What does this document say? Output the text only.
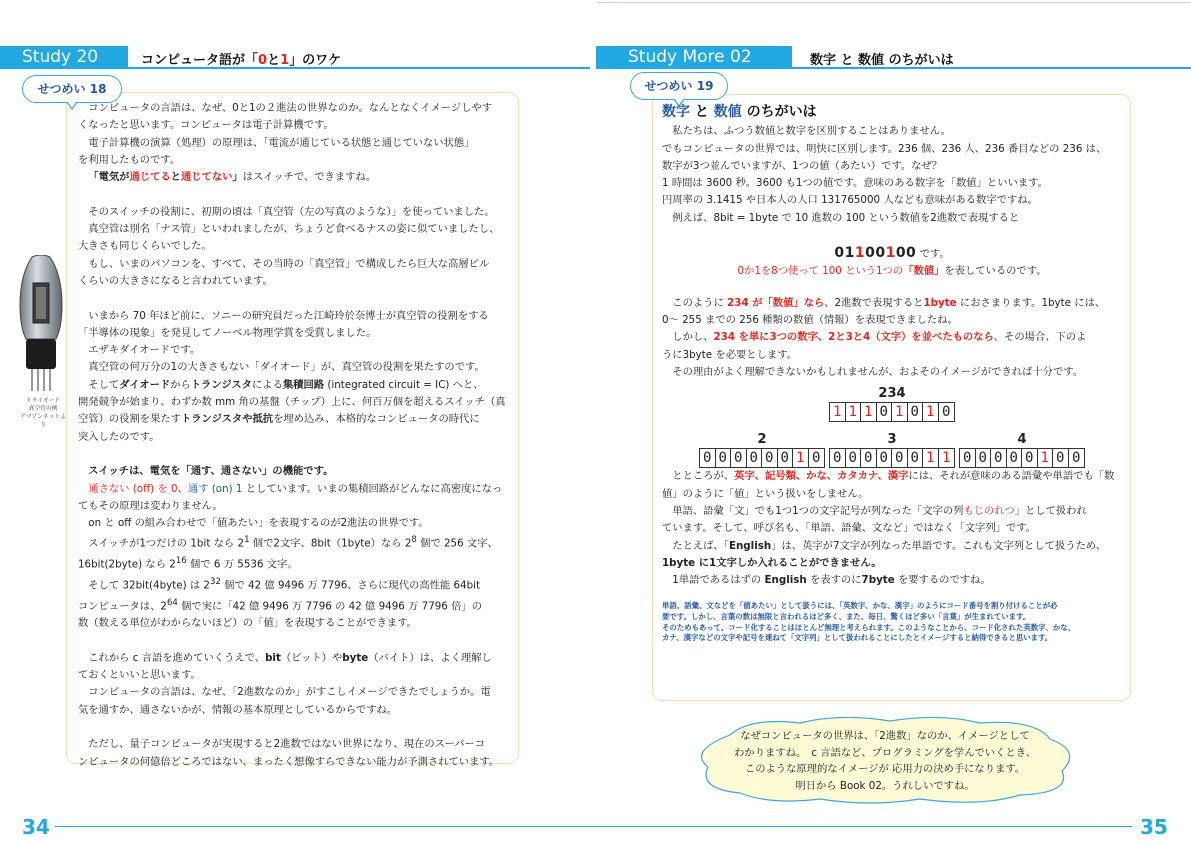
Study 20	コンピュータ語が「0と1」のワケ
せつめい 18
トライオード
真空管の例
アマゾンネットより

コンピュータの言語は、なぜ、0と1の２進法の世界なのか。なんとなくイメージしやす

くなったと思います。コンピュータは電子計算機です。

電子計算機の演算（処理）の原理は、「電流が通じている状態と通じていない状態」

を利用したものです。

「電気が通じてると通じてない」はスイッチで、できますね。

そのスイッチの役割に、初期の頃は「真空管（左の写真のような）」を使っていました。

真空管は別名「ナス管」といわれましたが、ちょうど食べるナスの姿に似ていましたし、

大きさも同じくらいでした。

もし、いまのパソコンを、すべて、その当時の「真空管」で構成したら巨大な高層ビル

くらいの大きさになると言われています。

いまから 70 年ほど前に、ソニーの研究員だった江崎玲於奈博士が真空管の役割をする

「半導体の現象」を発見してノーベル物理学賞を受賞しました。

エザキダイオードです。

真空管の何万分の1の大きさもない「ダイオード」が、真空管の役割を果たすのです。

そしてダイオードからトランジスタによる集積回路 (integrated circuit = IC) へと、

開発競争が始まり、わずか数 mm 角の基盤（チップ）上に、何百万個を超えるスイッチ（真

空管）の役割を果たすトランジスタや抵抗を埋め込み、本格的なコンピュータの時代に

突入したのです。

スイッチは、電気を「通す、通さない」の機能です。

通さない (off) を 0、通す (on) 1 としています。いまの集積回路がどんなに高密度になっ

てもその原理は変わりません。

on と off の組み合わせで「値あたい」を表現するのが2進法の世界です。

スイッチが1つだけの 1bit なら $2^1$ 個で2文字、8bit（1byte）なら $2^8$ 個で 256 文字、

16bit(2byte) なら $2^{16}$ 個で 6 万 5536 文字。

そして 32bit(4byte) は $2^{32}$ 個で 42 億 9496 万 7796、さらに現代の高性能 64bit

コンピュータは、$2^{64}$ 個で実に「42 億 9496 万 7796 の 42 億 9496 万 7796 倍」の

数（数える単位がわからないほど）の「値」を表現することができます。

これから c 言語を進めていくうえで、bit（ビット）やbyte（バイト）は、よく理解し

ておくといいと思います。

コンピュータの言語は、なぜ、「2進数なのか」がすこしイメージできたでしょうか。電

気を通すか、通さないかが、情報の基本原理としているからですね。

ただし、量子コンピュータが実現すると2進数ではない世界になり、現在のスーパーコ

ンピュータの何億倍どころではない、まったく想像すらできない能力が予測されています。

34
Study More 02	数字 と 数値 のちがいは
せつめい 19
数字 と 数値 のちがいは

私たちは、ふつう数値と数字を区別することはありません。

でもコンピュータの世界では、明快に区別します。236 個、236 人、236 番目などの 236 は、

数字が3つ並んでいますが、1つの値（あたい）です。なぜ？

1 時間は 3600 秒。3600 も1つの値です。意味のある数字を「数値」といいます。

円周率の 3.1415 や日本人の人口 131765000 人なども意味がある数字ですね。

例えば、8bit = 1byte で 10 進数の 100 という数値を2進数で表現すると

01100100 です。

0か1を8つ使って 100 という1つの「数値」を表しているのです。

このように 234 が「数値」なら、2進数で表現すると1byte におさまります。1byte には、

0〜 255 までの 256 種類の数値（情報）を表現できましたね。

しかし、234 を単に3つの数字、2と3と4（文字）を並べたものなら、その場合、下のよ

うに3byte を必要とします。

その理由がよく理解できないかもしれませんが、およそのイメージができれば十分です。

234
1 1 1 0 1 0 1 0
2
0 0 0 0 0 0 1 0
3
0 0 0 0 0 0 1 1
4
0 0 0 0 0 1 0 0

とところが、英字、記号類、かな、カタカナ、漢字には、それが意味のある語彙や単語でも「数

値」のように「値」という扱いをしません。

単語、語彙「文」でも1つ1つの文字記号が列なった「文字の列もじのれつ」として扱われ

ています。そして、呼び名も、「単語、語彙、文など」ではなく「文字列」です。

たとえば、「English」は、英字が7文字が列なった単語です。これも文字列として扱うため、

1byte に1文字しか入れることができません。

1単語であるはずの English を表すのに7byte を要するのですね。

単語、語彙、文などを「値あたい」として扱うには、「英数字、かな、漢字」のようにコード番号を割り付けることが必

要です。しかし、言葉の数は無限と言われるほど多く、また、毎日、驚くほど多い「言葉」が生まれています。

そのためもあって、コード化することはほとんど無理と考えられます。このようなことから、コード化された英数字、かな、

カナ、漢字などの文字や記号を連ねて「文字列」として扱われることにしたとイメージすると納得できると思います。

なぜコンピュータの世界は、「2進数」なのか、イメージとして
わかりますね。　c 言語など、プログラミングを学んでいくとき、
このような原理的なイメージが 応用力の決め手になります。
明日から Book 02。うれしいですね。
35
